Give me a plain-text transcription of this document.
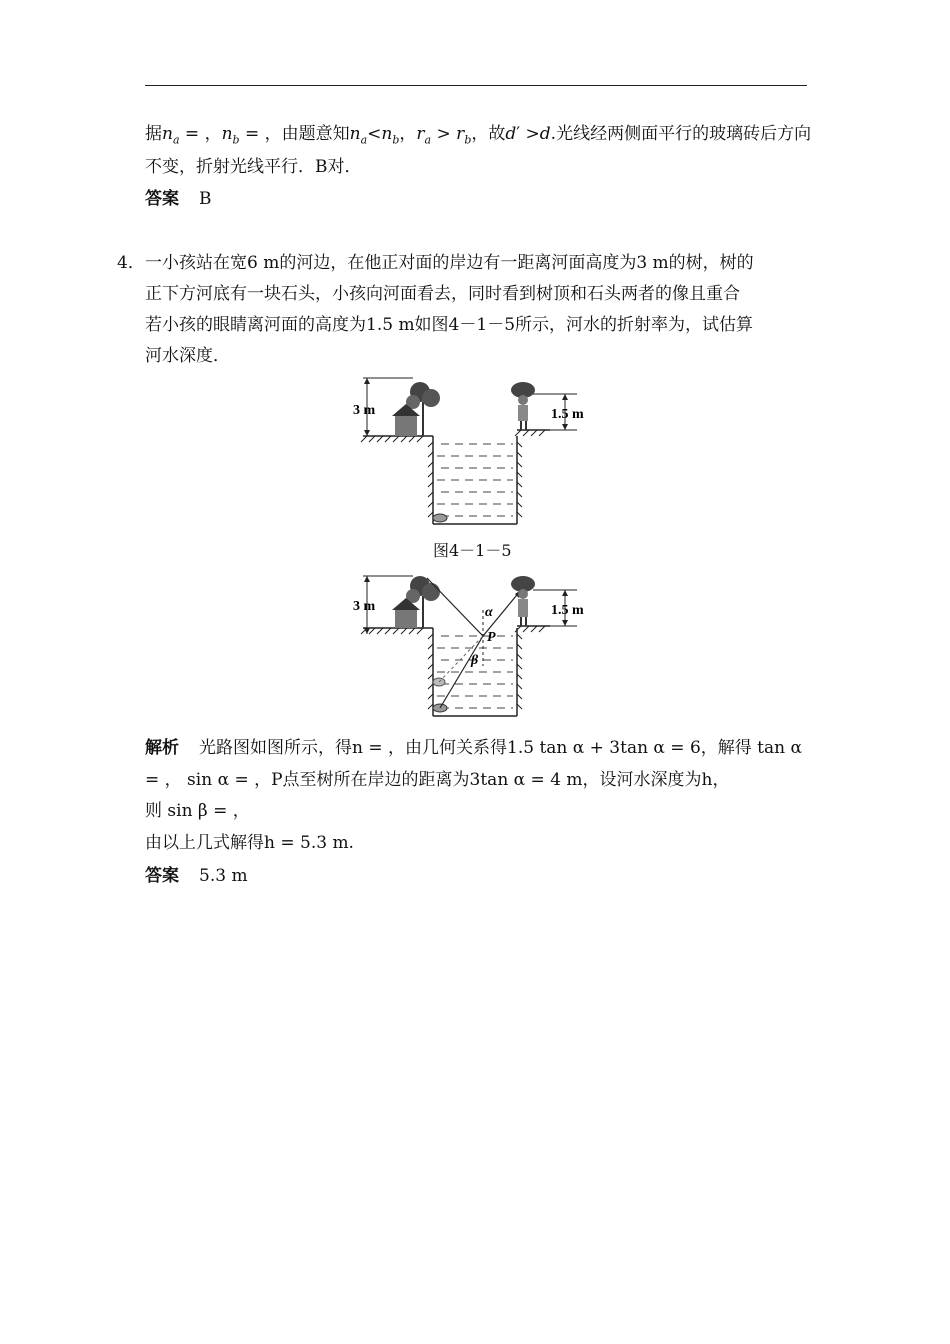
据$n_a$ = ，$n_b$ = ，由题意知$n_a<n_b$，$r_a > r_b$，故d′ >d.光线经两侧面平行的玻璃砖后方向
不变，折射光线平行．B对．
答案 B
4． 一小孩站在宽6 m的河边，在他正对面的岸边有一距离河面高度为3 m的树，树的
正下方河底有一块石头，小孩向河面看去，同时看到树顶和石头两者的像且重合
若小孩的眼睛离河面的高度为1.5 m如图4－1－5所示，河水的折射率为，试估算
河水深度．
3 m	1.5 m
图4－1－5
3 m	α
P
β
1.5 m
解析 光路图如图所示，得n = ，由几何关系得1.5 tan α + 3tan α = 6，解得 tan α
= ， sin α = ，P点至树所在岸边的距离为3tan α = 4 m，设河水深度为h，
则 sin β = ，
由以上几式解得h = 5.3 m.
答案 5.3 m
